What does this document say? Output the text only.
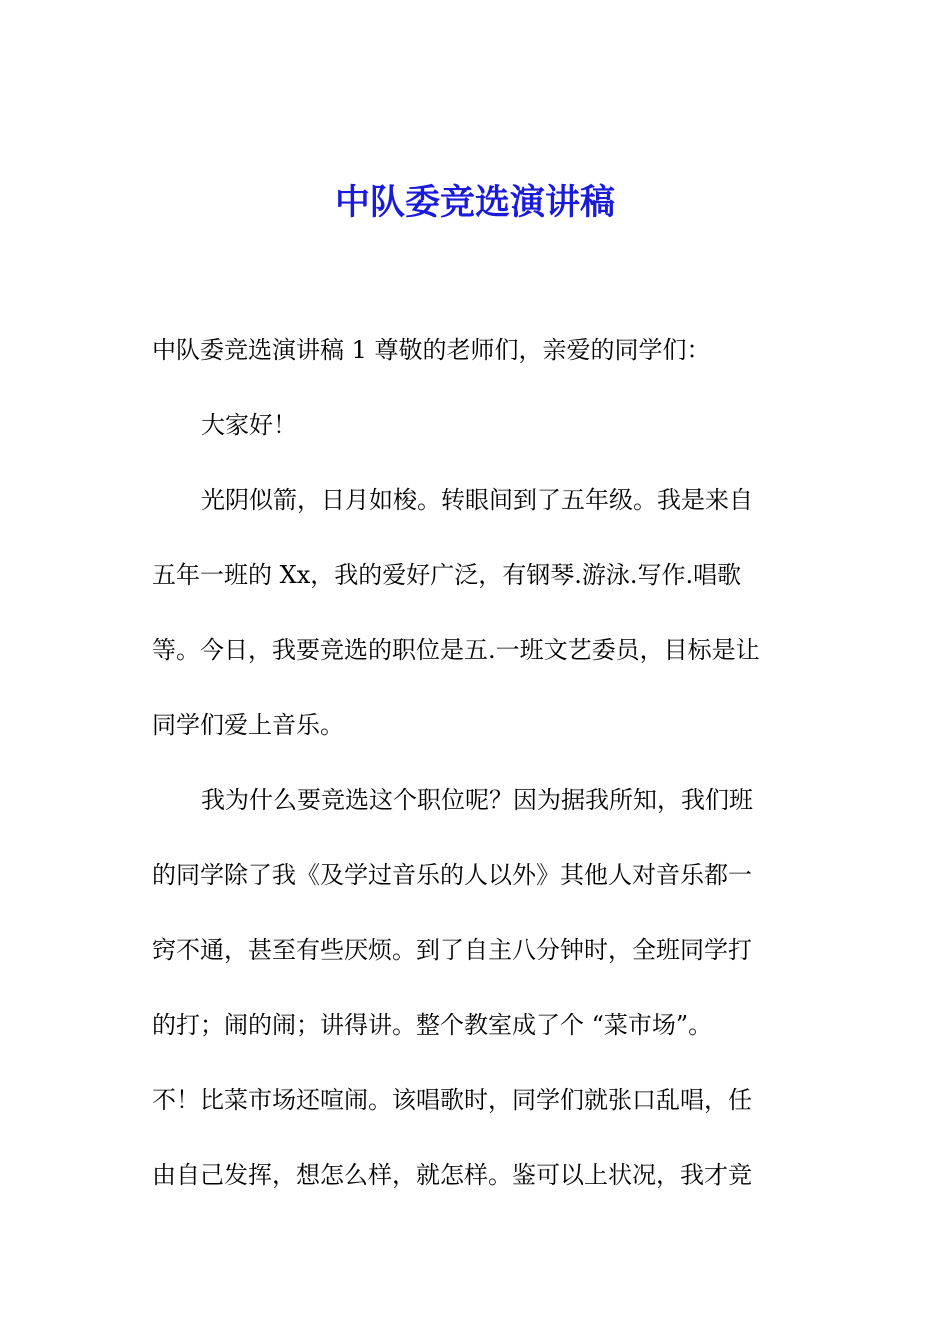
中队委竞选演讲稿
中队委竞选演讲稿 1 尊敬的老师们，亲爱的同学们：
大家好！
光阴似箭，日月如梭。转眼间到了五年级。我是来自
五年一班的 Xx，我的爱好广泛，有钢琴.游泳.写作.唱歌
等。今日，我要竞选的职位是五.一班文艺委员，目标是让
同学们爱上音乐。
我为什么要竞选这个职位呢？因为据我所知，我们班
的同学除了我《及学过音乐的人以外》其他人对音乐都一
窍不通，甚至有些厌烦。到了自主八分钟时，全班同学打
的打；闹的闹；讲得讲。整个教室成了个 “菜市场”。
不！比菜市场还喧闹。该唱歌时，同学们就张口乱唱，任
由自己发挥，想怎么样，就怎样。鉴可以上状况，我才竞
